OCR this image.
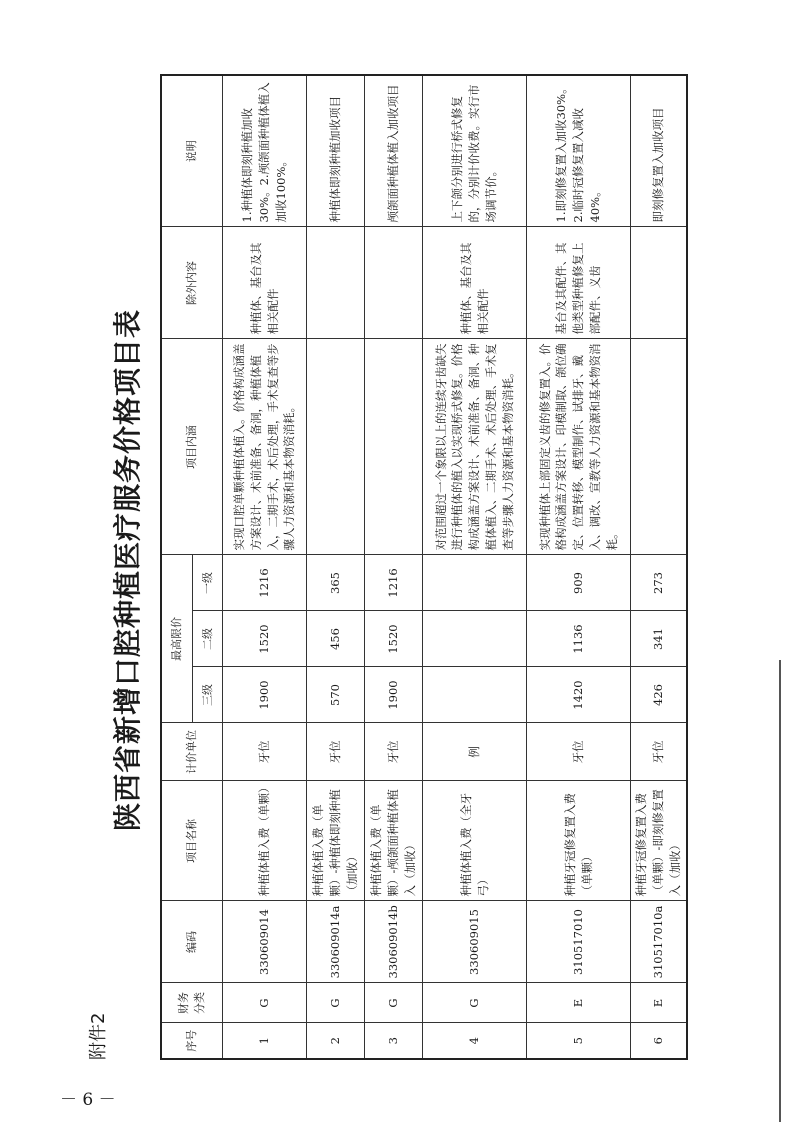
附件2
陕西省新增口腔种植医疗服务价格项目表
序号	财务分类	编码	项目名称	计价单位	最高限价			项目内涵	除外内容	说明
					三级	二级	一级			
1	G	330609014	种植体植入费（单颗）	牙位	1900	1520	1216	实现口腔单颗种植体植入。价格构成涵盖方案设计、术前准备、备洞，种植体植入，二期手术，术后处理，手术复查等步骤人力资源和基本物资消耗。	种植体、基台及其相关配件	1.种植体即刻种植加收30%。2.颅颌面种植体植入加收100%。
2	G	330609014a	种植体植入费（单颗）-种植体即刻种植（加收）	牙位	570	456	365			种植体即刻种植加收项目
3	G	330609014b	种植体植入费（单颗）-颅颌面种植体植入（加收）	牙位	1900	1520	1216			颅颌面种植体植入加收项目
4	G	330609015	种植体植入费（全牙弓）	例				对范围超过一个象限以上的连续牙齿缺失进行种植体的植入以实现桥式修复。价格构成涵盖方案设计、术前准备、备洞、种植体植入、二期手术、术后处理、手术复查等步骤人力资源和基本物资消耗。	种植体、基台及其相关配件	上下颌分别进行桥式修复的，分别计价收费。实行市场调节价。
5	E	310517010	种植牙冠修复置入费（单颗）	牙位	1420	1136	909	实现种植体上部固定义齿的修复置入。价格构成涵盖方案设计、印模制取、颌位确定、位置转移、模型制作、试排牙、戴入、调改、宣教等人力资源和基本物资消耗。	基台及其配件、其他类型种植修复上部配件、义齿	1.即刻修复置入加收30%。2.临时冠修复置入减收40%。
6	E	310517010a	种植牙冠修复置入费（单颗）-即刻修复置入（加收）	牙位	426	341	273			即刻修复置入加收项目
－ 6 －
